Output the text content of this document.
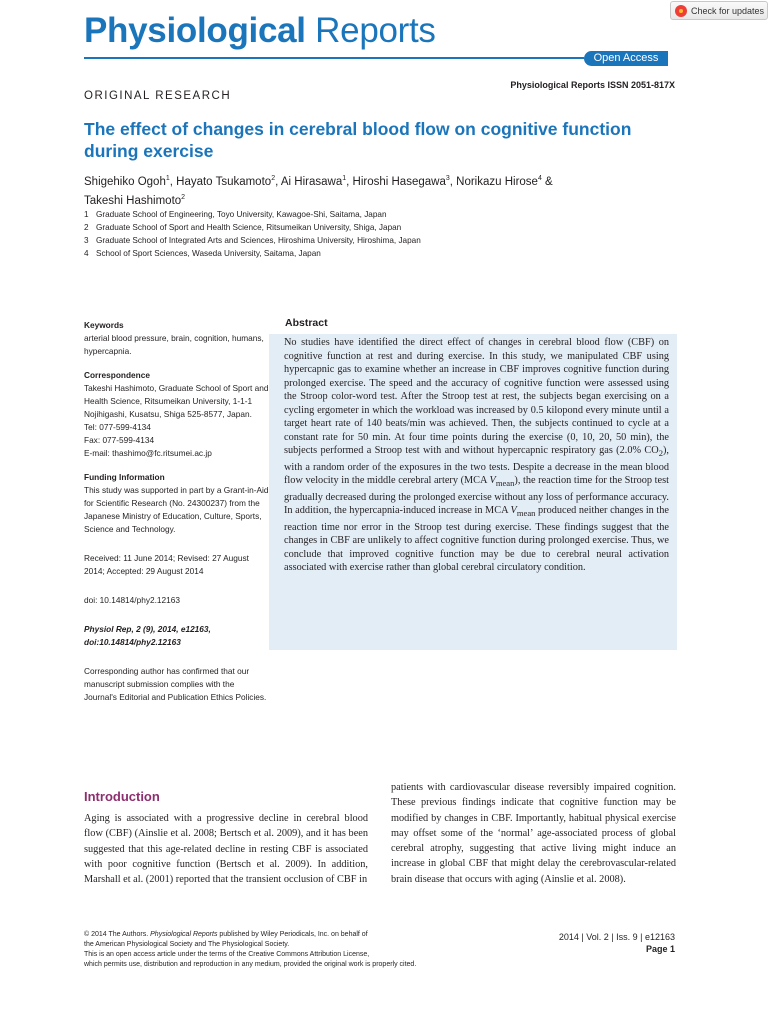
Physiological Reports
Check for updates
Open Access
Physiological Reports ISSN 2051-817X
ORIGINAL RESEARCH
The effect of changes in cerebral blood flow on cognitive function during exercise
Shigehiko Ogoh$^1$, Hayato Tsukamoto$^2$, Ai Hirasawa$^1$, Hiroshi Hasegawa$^3$, Norikazu Hirose$^4$ &
Takeshi Hashimoto$^2$
1 Graduate School of Engineering, Toyo University, Kawagoe-Shi, Saitama, Japan
2 Graduate School of Sport and Health Science, Ritsumeikan University, Shiga, Japan
3 Graduate School of Integrated Arts and Sciences, Hiroshima University, Hiroshima, Japan
4 School of Sport Sciences, Waseda University, Saitama, Japan
Keywords
arterial blood pressure, brain, cognition, humans, hypercapnia.
Correspondence
Takeshi Hashimoto, Graduate School of Sport and Health Science, Ritsumeikan University, 1-1-1 Nojihigashi, Kusatsu, Shiga 525-8577, Japan.
Tel: 077-599-4134
Fax: 077-599-4134
E-mail: thashimo@fc.ritsumei.ac.jp
Funding Information
This study was supported in part by a Grant-in-Aid for Scientific Research (No. 24300237) from the Japanese Ministry of Education, Culture, Sports, Science and Technology.
Received: 11 June 2014; Revised: 27 August 2014; Accepted: 29 August 2014
doi: 10.14814/phy2.12163
Physiol Rep, 2 (9), 2014, e12163,
doi:10.14814/phy2.12163
Corresponding author has confirmed that our manuscript submission complies with the Journal's Editorial and Publication Ethics Policies.
Abstract
No studies have identified the direct effect of changes in cerebral blood flow (CBF) on cognitive function at rest and during exercise. In this study, we manipulated CBF using hypercapnic gas to examine whether an increase in CBF improves cognitive function during prolonged exercise. The speed and the accuracy of cognitive function were assessed using the Stroop color-word test. After the Stroop test at rest, the subjects began exercising on a cycling ergometer in which the workload was increased by 0.5 kilopond every minute until a target heart rate of 140 beats/min was achieved. Then, the subjects continued to cycle at a constant rate for 50 min. At four time points during the exercise (0, 10, 20, 50 min), the subjects performed a Stroop test with and without hypercapnic respiratory gas (2.0% $CO_2$), with a random order of the exposures in the two tests. Despite a decrease in the mean blood flow velocity in the middle cerebral artery (MCA $V_{mean}$), the reaction time for the Stroop test gradually decreased during the prolonged exercise without any loss of performance accuracy. In addition, the hypercapnia-induced increase in MCA $V_{mean}$ produced neither changes in the reaction time nor error in the Stroop test during exercise. These findings suggest that the changes in CBF are unlikely to affect cognitive function during prolonged exercise. Thus, we conclude that improved cognitive function may be due to cerebral neural activation associated with exercise rather than global cerebral circulatory condition.
Introduction

Aging is associated with a progressive decline in cerebral blood flow (CBF) (Ainslie et al. 2008; Bertsch et al. 2009), and it has been suggested that this age-related decline in resting CBF is associated with poor cognitive function (Bertsch et al. 2009). In addition, Marshall et al. (2001) reported that the transient occlusion of CBF in

patients with cardiovascular disease reversibly impaired cognition. These previous findings indicate that cognitive function may be modified by changes in CBF. Importantly, habitual physical exercise may offset some of the ‘normal’ age-associated process of global cerebral atrophy, suggesting that active living might induce an increase in global CBF that might delay the cerebrovascular-related brain disease that occurs with aging (Ainslie et al. 2008).

© 2014 The Authors. Physiological Reports published by Wiley Periodicals, Inc. on behalf of

the American Physiological Society and The Physiological Society.

This is an open access article under the terms of the Creative Commons Attribution License,

which permits use, distribution and reproduction in any medium, provided the original work is properly cited.

2014 | Vol. 2 | Iss. 9 | e12163
Page 1
